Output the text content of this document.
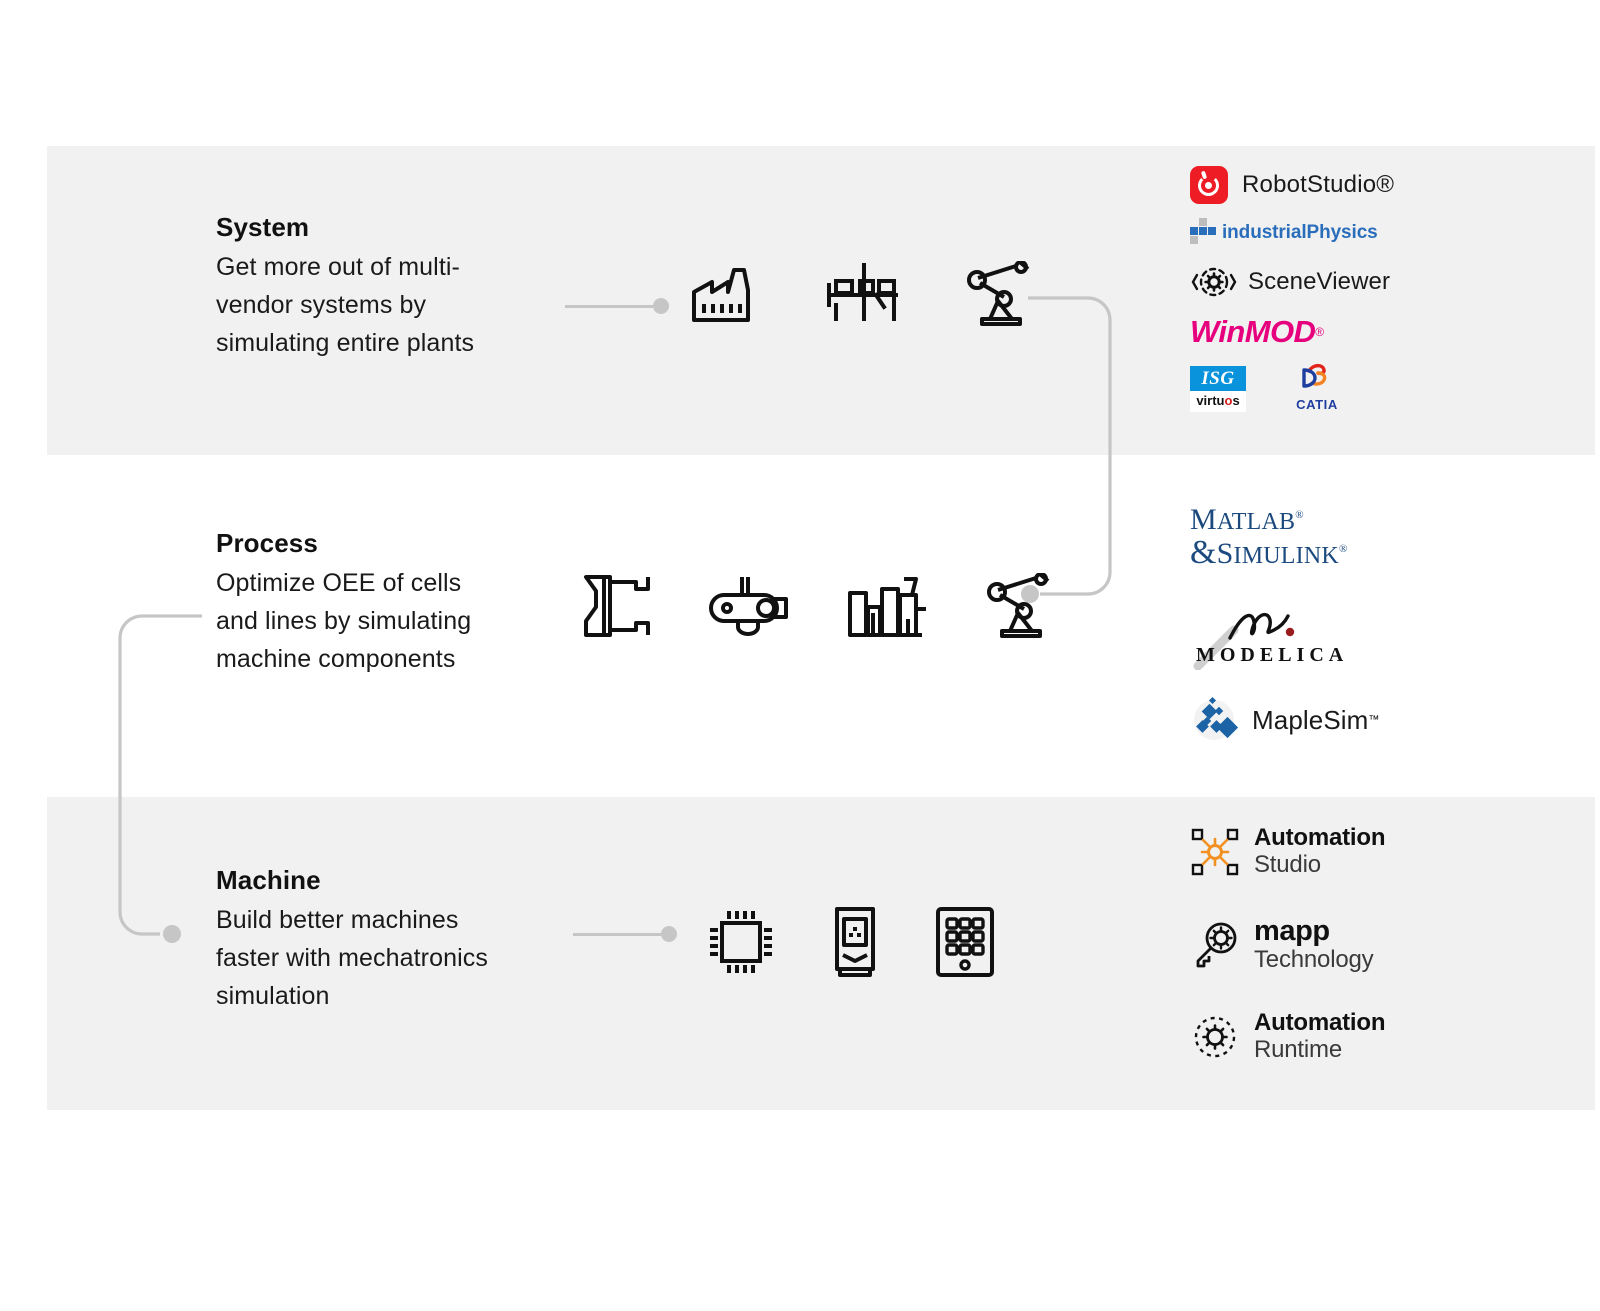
System
Get more out of multi-
vendor systems by
simulating entire plants
RobotStudio®
industrialPhysics
SceneViewer
WinMOD ®
ISG
virtuos	CATIA
Process
Optimize OEE of cells
and lines by simulating
machine components
MATLAB®
&SIMULINK®
MODELICA
MapleSim ™
Machine
Build better machines
faster with mechatronics
simulation
Automation
Studio
mapp
Technology
Automation
Runtime
